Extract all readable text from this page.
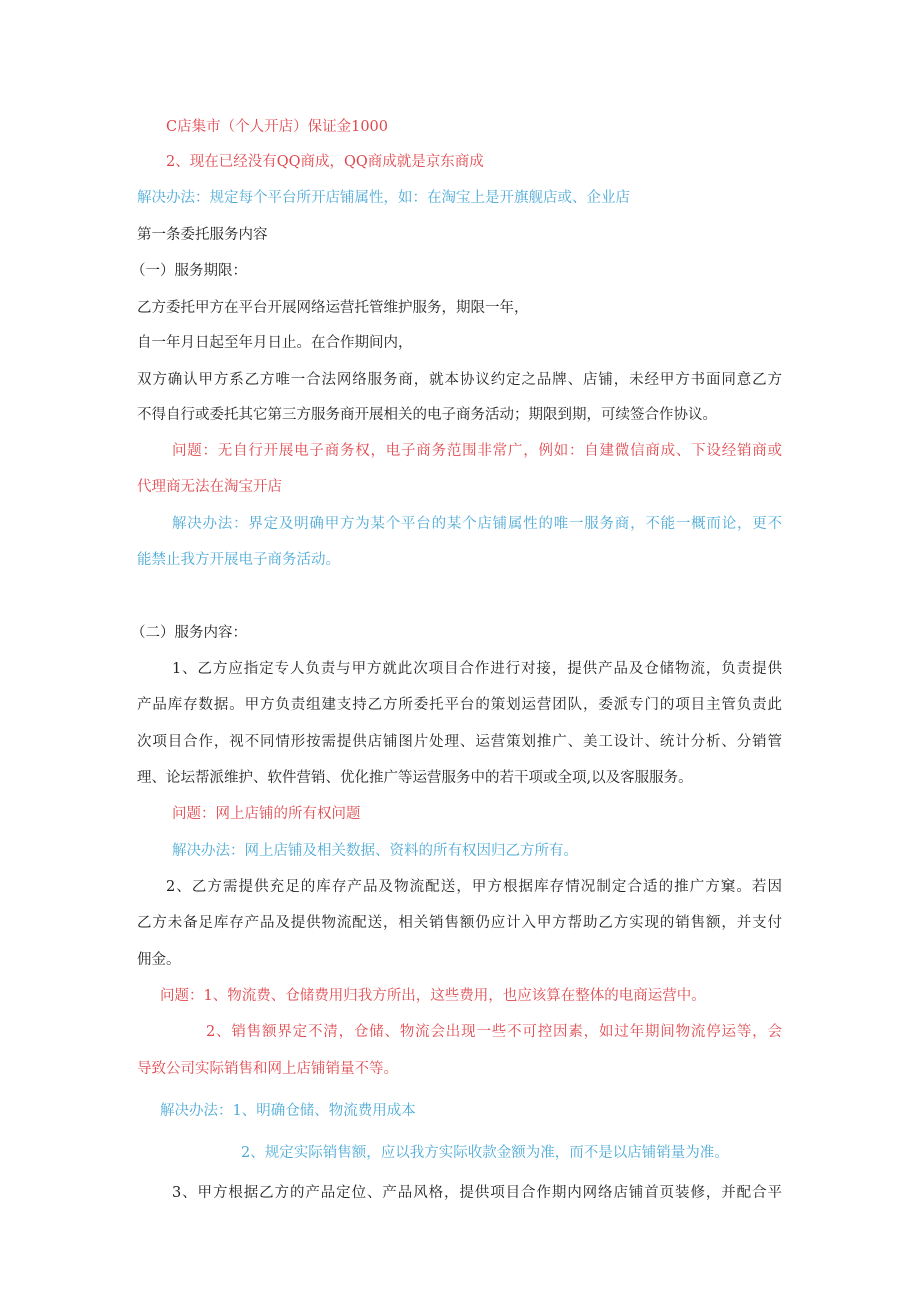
C店集市（个人开店）保证金1000
2、现在已经没有QQ商成，QQ商成就是京东商成
解决办法：规定每个平台所开店铺属性，如：在淘宝上是开旗舰店或、企业店
第一条委托服务内容
（一）服务期限：
乙方委托甲方在平台开展网络运营托管维护服务，期限一年，
自一年月日起至年月日止。在合作期间内，
双方确认甲方系乙方唯一合法网络服务商，就本协议约定之品牌、店铺，未经甲方书面同意乙方
不得自行或委托其它第三方服务商开展相关的电子商务活动；期限到期，可续签合作协议。
问题：无自行开展电子商务权，电子商务范围非常广，例如：自建微信商成、下设经销商或
代理商无法在淘宝开店
解决办法：界定及明确甲方为某个平台的某个店铺属性的唯一服务商，不能一概而论，更不
能禁止我方开展电子商务活动。
（二）服务内容：
1、乙方应指定专人负责与甲方就此次项目合作进行对接，提供产品及仓储物流，负责提供
产品库存数据。甲方负责组建支持乙方所委托平台的策划运营团队，委派专门的项目主管负责此
次项目合作，视不同情形按需提供店铺图片处理、运营策划推广、美工设计、统计分析、分销管
理、论坛帮派维护、软件营销、优化推广等运营服务中的若干项或全项,以及客服服务。
问题：网上店铺的所有权问题
解决办法：网上店铺及相关数据、资料的所有权因归乙方所有。
2、乙方需提供充足的库存产品及物流配送，甲方根据库存情况制定合适的推广方窠。若因
乙方未备足库存产品及提供物流配送，相关销售额仍应计入甲方帮助乙方实现的销售额，并支付
佣金。
问题：1、物流费、仓储费用归我方所出，这些费用，也应该算在整体的电商运营中。
2、销售额界定不清，仓储、物流会出现一些不可控因素，如过年期间物流停运等，会
导致公司实际销售和网上店铺销量不等。
解决办法：1、明确仓储、物流费用成本
2、规定实际销售额，应以我方实际收款金额为准，而不是以店铺销量为准。
3、甲方根据乙方的产品定位、产品风格，提供项目合作期内网络店铺首页装修，并配合平
